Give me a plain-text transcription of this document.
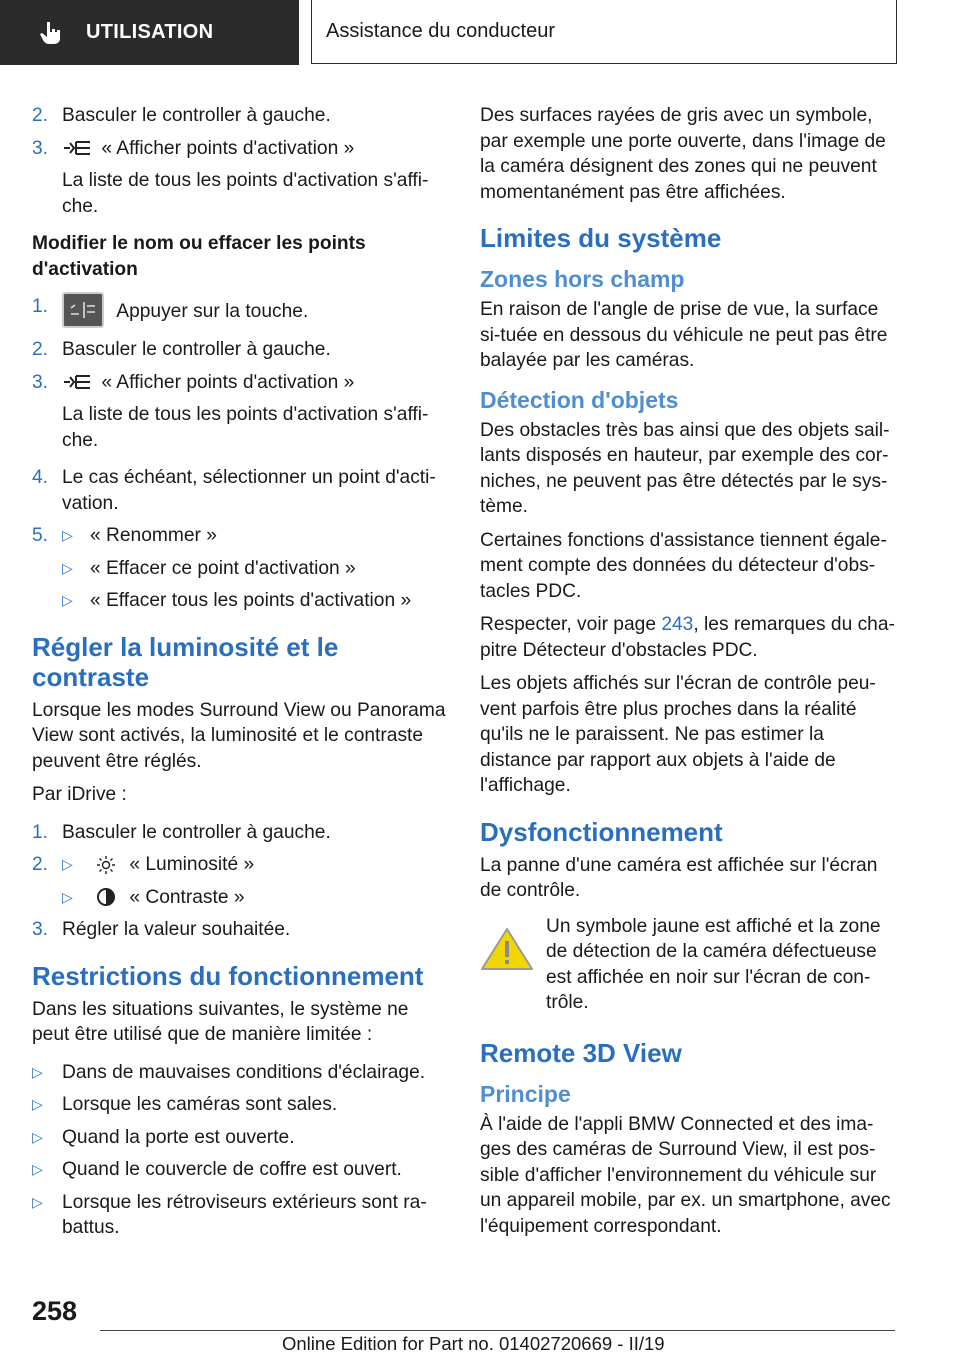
UTILISATION	Assistance du conducteur
2. Basculer le controller à gauche.
3.	« Afficher points d'activation »
La liste de tous les points d'activation s'affi-che.
Modifier le nom ou effacer les points d'activation
1.	Appuyer sur la touche.
2. Basculer le controller à gauche.
3.	« Afficher points d'activation »
La liste de tous les points d'activation s'affi-che.
4. Le cas échéant, sélectionner un point d'acti-vation.
5. ▷ « Renommer »
▷ « Effacer ce point d'activation »
▷ « Effacer tous les points d'activation »
Régler la luminosité et le contraste
Lorsque les modes Surround View ou Panorama View sont activés, la luminosité et le contraste peuvent être réglés.
Par iDrive :
1. Basculer le controller à gauche.
2. ▷	« Luminosité »
▷	« Contraste »
3. Régler la valeur souhaitée.
Restrictions du fonctionnement
Dans les situations suivantes, le système ne peut être utilisé que de manière limitée :
▷ Dans de mauvaises conditions d'éclairage.
▷ Lorsque les caméras sont sales.
▷ Quand la porte est ouverte.
▷ Quand le couvercle de coffre est ouvert.
▷ Lorsque les rétroviseurs extérieurs sont ra-battus.
Des surfaces rayées de gris avec un symbole, par exemple une porte ouverte, dans l'image de la caméra désignent des zones qui ne peuvent momentanément pas être affichées.
Limites du système
Zones hors champ
En raison de l'angle de prise de vue, la surface si-tuée en dessous du véhicule ne peut pas être balayée par les caméras.
Détection d'objets
Des obstacles très bas ainsi que des objets sail-lants disposés en hauteur, par exemple des cor-niches, ne peuvent pas être détectés par le sys-tème.
Certaines fonctions d'assistance tiennent égale-ment compte des données du détecteur d'obs-tacles PDC.
Respecter, voir page 243, les remarques du cha-pitre Détecteur d'obstacles PDC.
Les objets affichés sur l'écran de contrôle peu-vent parfois être plus proches dans la réalité qu'ils ne le paraissent. Ne pas estimer la distance par rapport aux objets à l'aide de l'affichage.
Dysfonctionnement
La panne d'une caméra est affichée sur l'écran de contrôle.
Un symbole jaune est affiché et la zone de détection de la caméra défectueuse est affichée en noir sur l'écran de con-trôle.
Remote 3D View
Principe
À l'aide de l'appli BMW Connected et des ima-ges des caméras de Surround View, il est pos-sible d'afficher l'environnement du véhicule sur un appareil mobile, par ex. un smartphone, avec l'équipement correspondant.
258
Online Edition for Part no. 01402720669 - II/19
